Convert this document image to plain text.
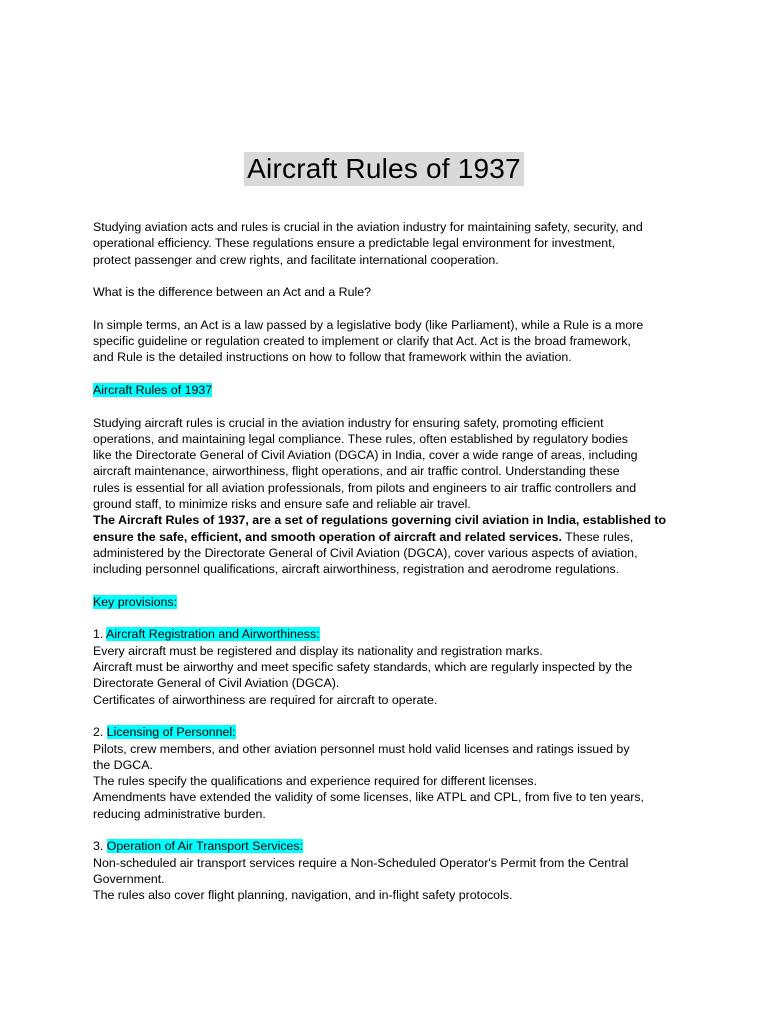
Aircraft Rules of 1937

Studying aviation acts and rules is crucial in the aviation industry for maintaining safety, security, and
operational efficiency. These regulations ensure a predictable legal environment for investment,
protect passenger and crew rights, and facilitate international cooperation.

What is the difference between an Act and a Rule?

In simple terms, an Act is a law passed by a legislative body (like Parliament), while a Rule is a more
specific guideline or regulation created to implement or clarify that Act. Act is the broad framework,
and Rule is the detailed instructions on how to follow that framework within the aviation.

Aircraft Rules of 1937

Studying aircraft rules is crucial in the aviation industry for ensuring safety, promoting efficient
operations, and maintaining legal compliance. These rules, often established by regulatory bodies
like the Directorate General of Civil Aviation (DGCA) in India, cover a wide range of areas, including
aircraft maintenance, airworthiness, flight operations, and air traffic control. Understanding these
rules is essential for all aviation professionals, from pilots and engineers to air traffic controllers and
ground staff, to minimize risks and ensure safe and reliable air travel.

The Aircraft Rules of 1937, are a set of regulations governing civil aviation in India, established to
ensure the safe, efficient, and smooth operation of aircraft and related services. These rules,
administered by the Directorate General of Civil Aviation (DGCA), cover various aspects of aviation,
including personnel qualifications, aircraft airworthiness, registration and aerodrome regulations.

Key provisions:

1. Aircraft Registration and Airworthiness:
Every aircraft must be registered and display its nationality and registration marks.
Aircraft must be airworthy and meet specific safety standards, which are regularly inspected by the
Directorate General of Civil Aviation (DGCA).
Certificates of airworthiness are required for aircraft to operate.

2. Licensing of Personnel:
Pilots, crew members, and other aviation personnel must hold valid licenses and ratings issued by
the DGCA.
The rules specify the qualifications and experience required for different licenses.
Amendments have extended the validity of some licenses, like ATPL and CPL, from five to ten years,
reducing administrative burden.

3. Operation of Air Transport Services:
Non-scheduled air transport services require a Non-Scheduled Operator's Permit from the Central
Government.
The rules also cover flight planning, navigation, and in-flight safety protocols.
